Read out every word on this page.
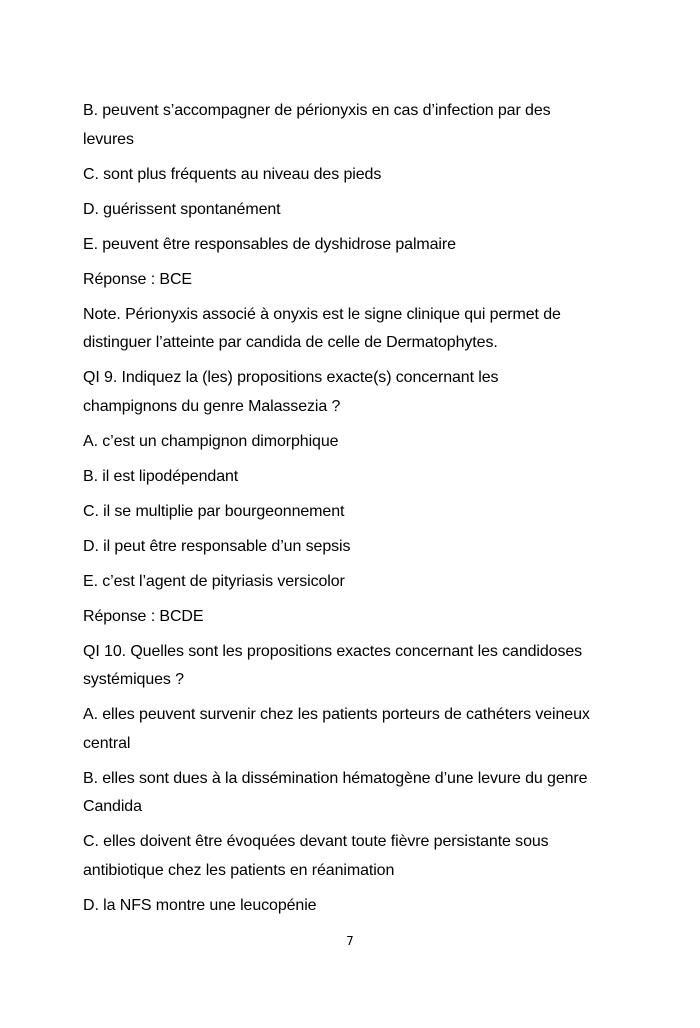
B. peuvent s’accompagner de périonyxis en cas d’infection par des
levures

C. sont plus fréquents au niveau des pieds

D. guérissent spontanément

E. peuvent être responsables de dyshidrose palmaire

Réponse : BCE

Note. Périonyxis associé à onyxis est le signe clinique qui permet de
distinguer l’atteinte par candida de celle de Dermatophytes.

QI 9. Indiquez la (les) propositions exacte(s) concernant les
champignons du genre Malassezia ?

A. c’est un champignon dimorphique

B. il est lipodépendant

C. il se multiplie par bourgeonnement

D. il peut être responsable d’un sepsis

E. c’est l’agent de pityriasis versicolor

Réponse : BCDE

QI 10. Quelles sont les propositions exactes concernant les candidoses
systémiques ?

A. elles peuvent survenir chez les patients porteurs de cathéters veineux
central

B. elles sont dues à la dissémination hématogène d’une levure du genre
Candida

C. elles doivent être évoquées devant toute fièvre persistante sous
antibiotique chez les patients en réanimation

D. la NFS montre une leucopénie

7
